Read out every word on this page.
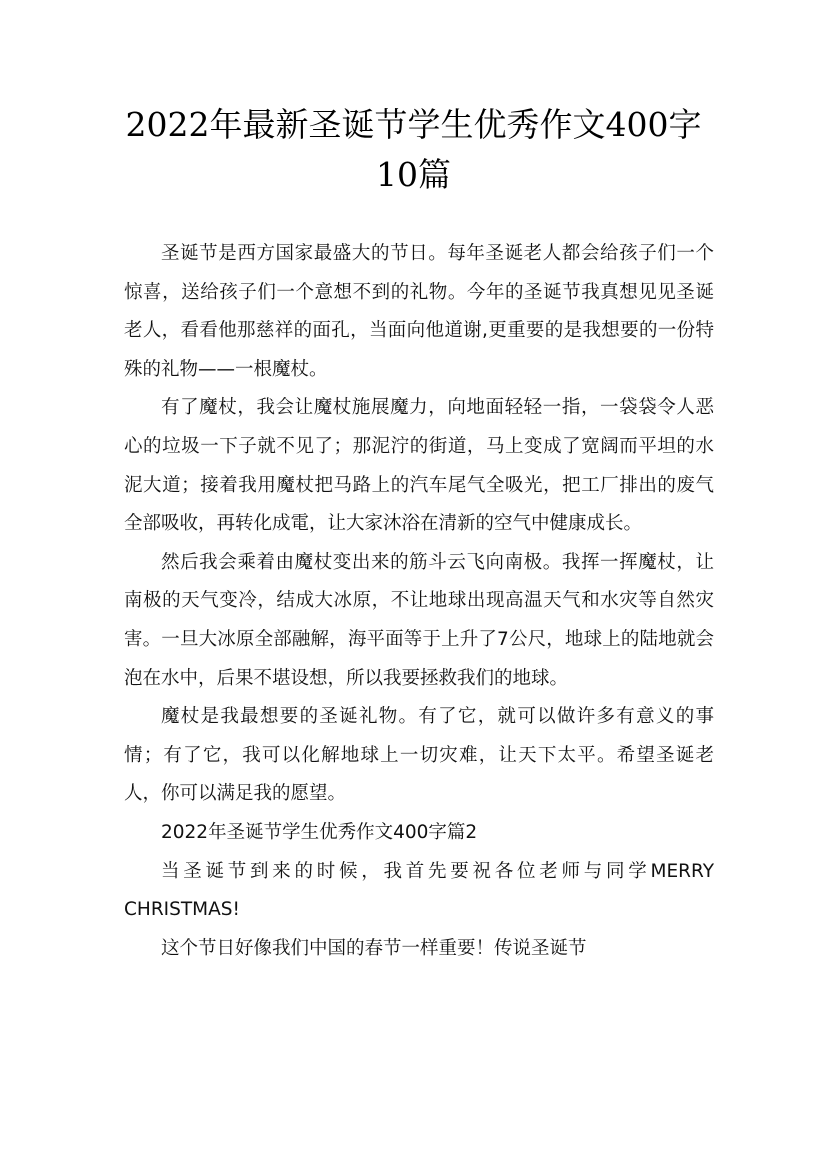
2022年最新圣诞节学生优秀作文400字10篇

圣诞节是西方国家最盛大的节日。每年圣诞老人都会给孩子们一个惊喜，送给孩子们一个意想不到的礼物。今年的圣诞节我真想见见圣诞老人，看看他那慈祥的面孔，当面向他道谢,更重要的是我想要的一份特殊的礼物——一根魔杖。

有了魔杖，我会让魔杖施展魔力，向地面轻轻一指，一袋袋令人恶心的垃圾一下子就不见了；那泥泞的街道，马上变成了宽阔而平坦的水泥大道；接着我用魔杖把马路上的汽车尾气全吸光，把工厂排出的废气全部吸收，再转化成電，让大家沐浴在清新的空气中健康成长。

然后我会乘着由魔杖变出来的筋斗云飞向南极。我挥一挥魔杖，让南极的天气变冷，结成大冰原，不让地球出现高温天气和水灾等自然灾害。一旦大冰原全部融解，海平面等于上升了7公尺，地球上的陆地就会泡在水中，后果不堪设想，所以我要拯救我们的地球。

魔杖是我最想要的圣诞礼物。有了它，就可以做许多有意义的事情；有了它，我可以化解地球上一切灾难，让天下太平。希望圣诞老人，你可以满足我的愿望。

2022年圣诞节学生优秀作文400字篇2

当圣诞节到来的时候，我首先要祝各位老师与同学MERRY CHRISTMAS!

这个节日好像我们中国的春节一样重要！传说圣诞节
